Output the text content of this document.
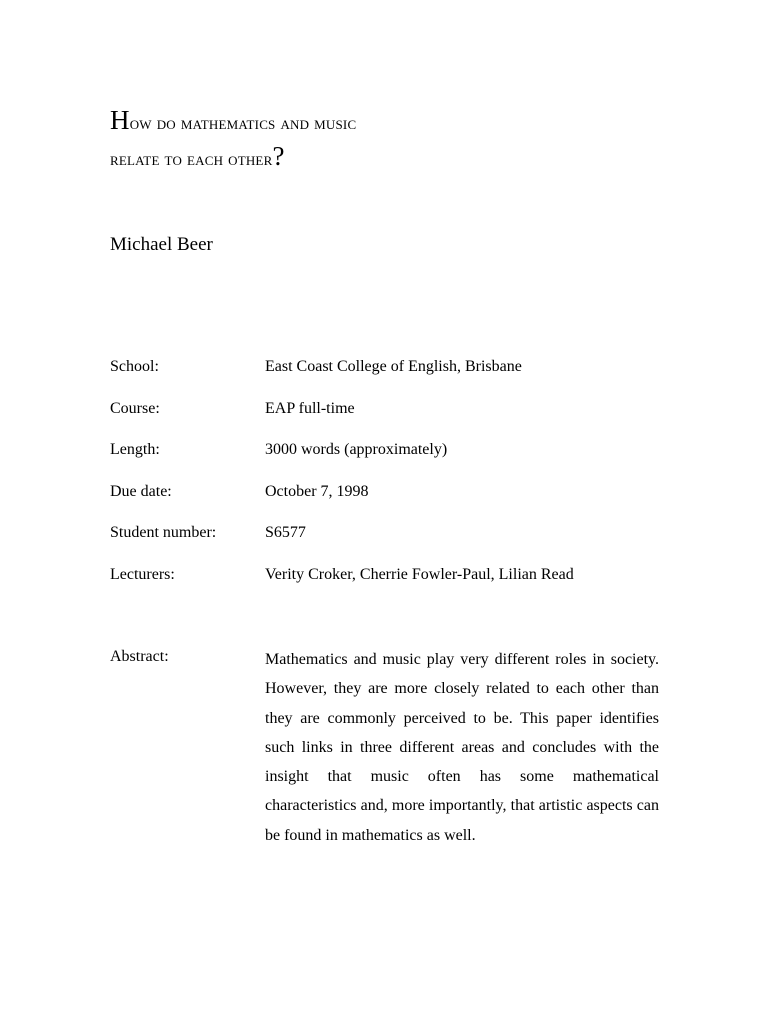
How do mathematics and music
relate to each other?

Michael Beer

School:	East Coast College of English, Brisbane
Course:	EAP full-time
Length:	3000 words (approximately)
Due date:	October 7, 1998
Student number:	S6577
Lecturers:	Verity Croker, Cherrie Fowler-Paul, Lilian Read
Abstract:	Mathematics and music play very different roles in society. However, they are more closely related to each other than they are commonly perceived to be. This paper identifies such links in three different areas and concludes with the insight that music often has some mathematical characteristics and, more importantly, that artistic aspects can be found in mathematics as well.
